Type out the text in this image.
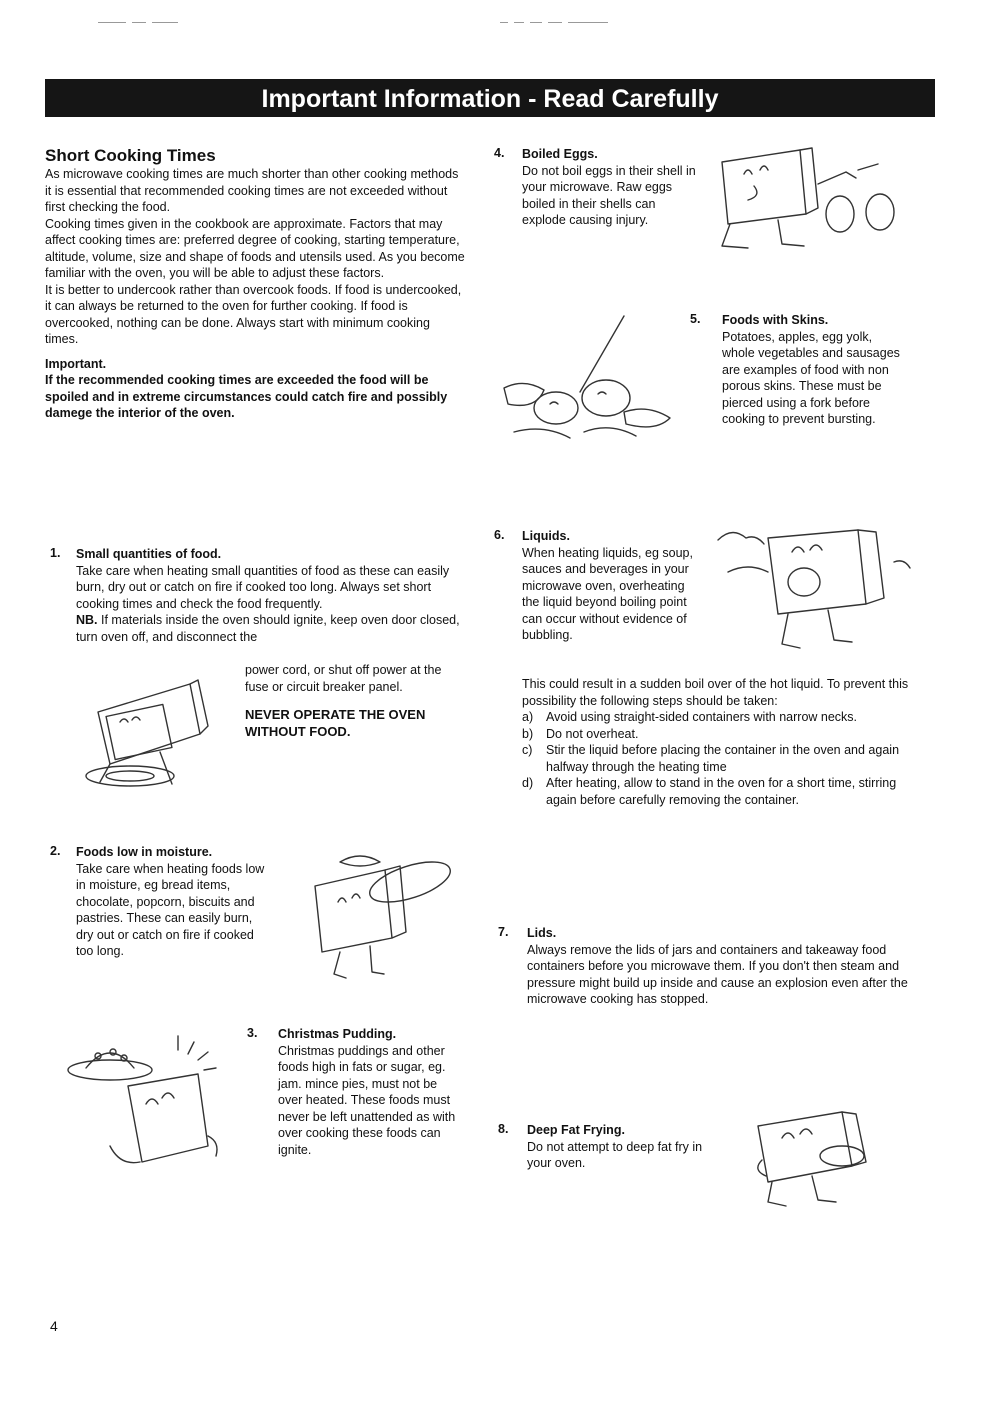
Important Information - Read Carefully
Short Cooking Times

As microwave cooking times are much shorter than other cooking methods it is essential that recommended cooking times are not exceeded without first checking the food.

Cooking times given in the cookbook are approximate. Factors that may affect cooking times are: preferred degree of cooking, starting temperature, altitude, volume, size and shape of foods and utensils used. As you become familiar with the oven, you will be able to adjust these factors.

It is better to undercook rather than overcook foods. If food is undercooked, it can always be returned to the oven for further cooking. If food is overcooked, nothing can be done. Always start with minimum cooking times.

Important.

If the recommended cooking times are exceeded the food will be spoiled and in extreme circumstances could catch fire and possibly damege the interior of the oven.

1. Small quantities of food.

Take care when heating small quantities of food as these can easily burn, dry out or catch on fire if cooked too long. Always set short cooking times and check the food frequently.

NB. If materials inside the oven should ignite, keep oven door closed, turn oven off, and disconnect the

power cord, or shut off power at the fuse or circuit breaker panel.

NEVER OPERATE THE OVEN WITHOUT FOOD.

2. Foods low in moisture.

Take care when heating foods low in moisture, eg bread items, chocolate, popcorn, biscuits and pastries. These can easily burn, dry out or catch on fire if cooked too long.

3. Christmas Pudding.

Christmas puddings and other foods high in fats or sugar, eg. jam. mince pies, must not be over heated. These foods must never be left unattended as with over cooking these foods can ignite.

4. Boiled Eggs.

Do not boil eggs in their shell in your microwave. Raw eggs boiled in their shells can explode causing injury.

5. Foods with Skins.

Potatoes, apples, egg yolk, whole vegetables and sausages are examples of food with non porous skins. These must be pierced using a fork before cooking to prevent bursting.

6. Liquids.

When heating liquids, eg soup, sauces and beverages in your microwave oven, overheating the liquid beyond boiling point can occur without evidence of bubbling.

This could result in a sudden boil over of the hot liquid. To prevent this possibility the following steps should be taken:

a) Avoid using straight-sided containers with narrow necks.
b) Do not overheat.
c) Stir the liquid before placing the container in the oven and again halfway through the heating time
d) After heating, allow to stand in the oven for a short time, stirring again before carefully removing the container.
7. Lids.

Always remove the lids of jars and containers and takeaway food containers before you microwave them. If you don't then steam and pressure might build up inside and cause an explosion even after the microwave cooking has stopped.

8. Deep Fat Frying.

Do not attempt to deep fat fry in your oven.

4
